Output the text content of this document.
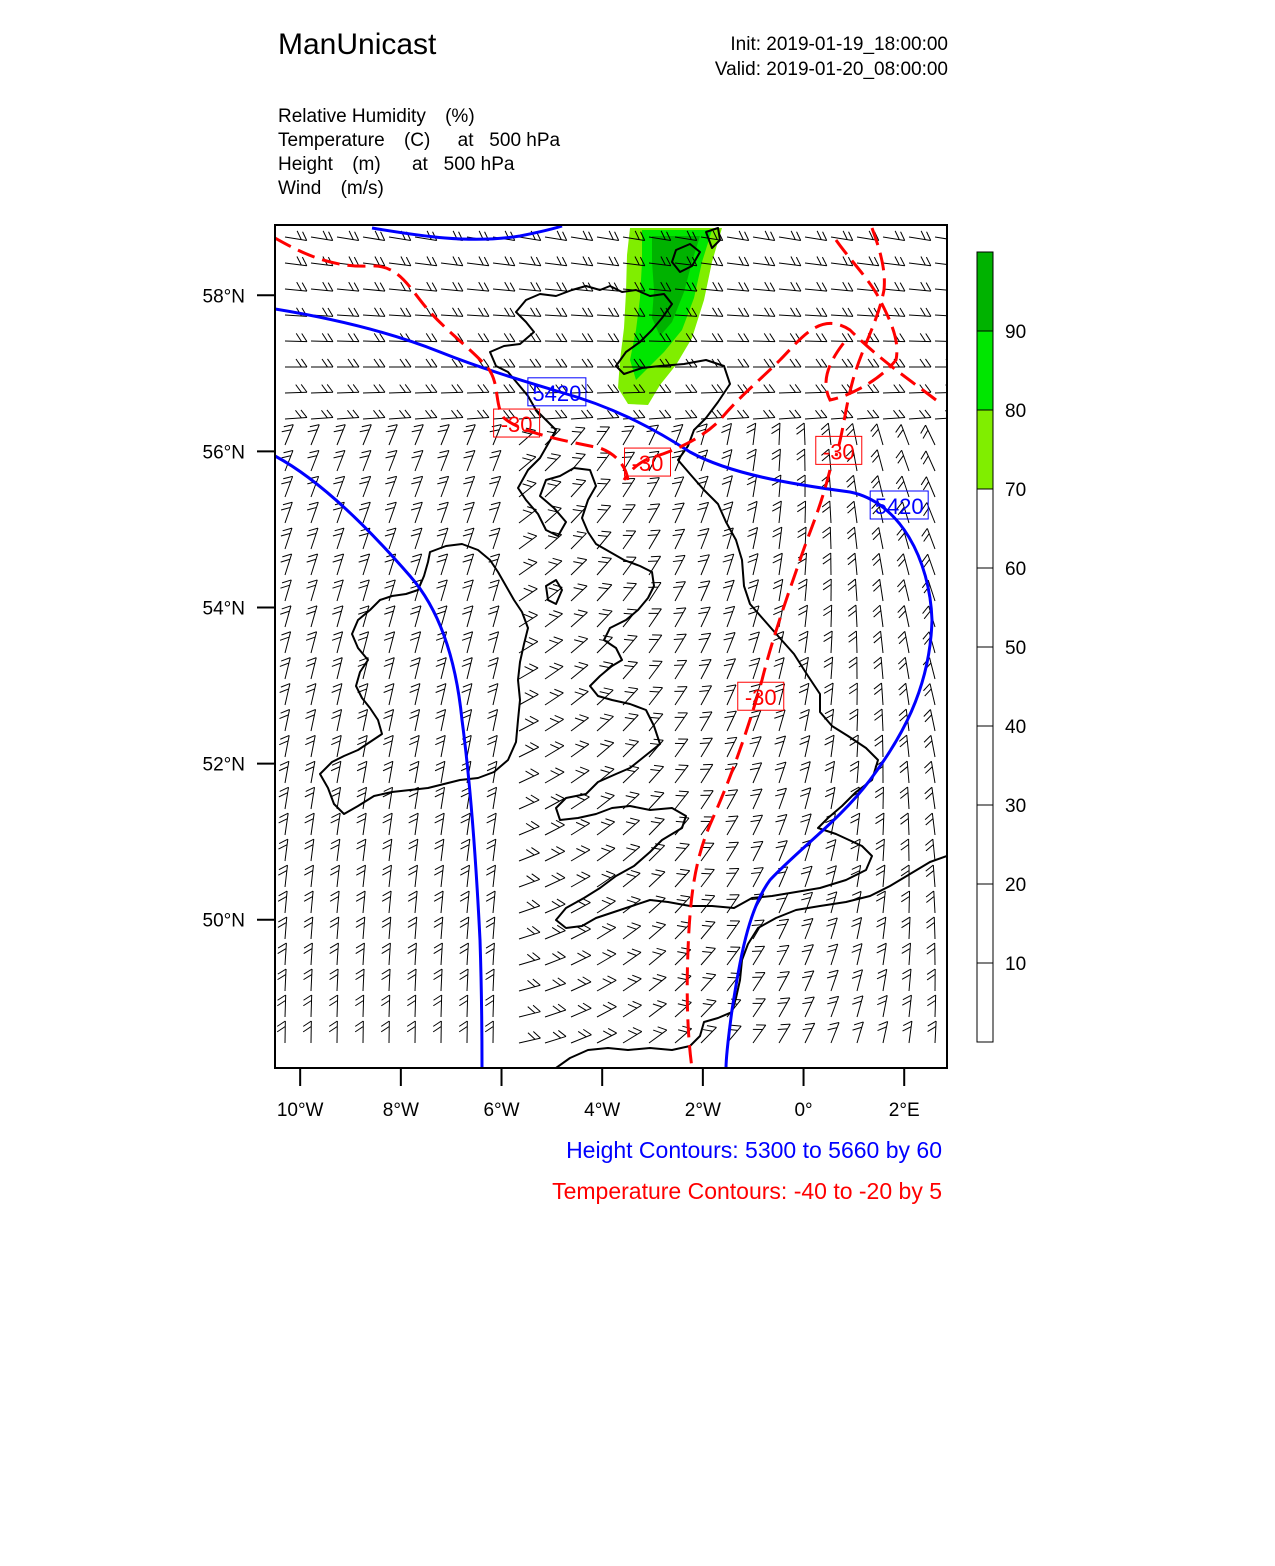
ManUnicast	Init: 2019-01-19_18:00:00
Valid: 2019-01-20_08:00:00
Relative Humidity (%)
Temperature (C) at   500 hPa
Height (m) at   500 hPa
Wind (m/s)
58°N
56°N
54°N
52°N
50°N
10°W	8°W	6°W	4°W	2°W	0°	2°E
5420
5420
-30
-30	-30
-30
90
80
70
60
50
40
30
20
10
Height Contours: 5300 to 5660 by 60
Temperature Contours: -40 to -20 by 5
